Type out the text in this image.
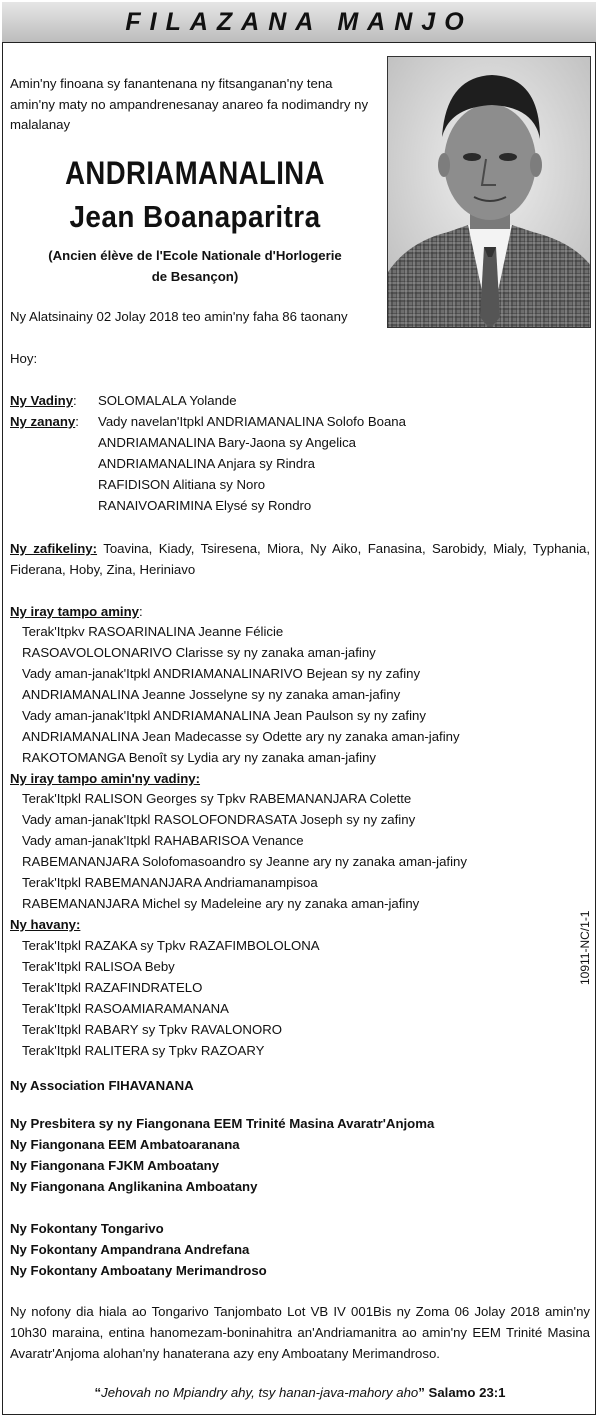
FILAZANA MANJO
Amin'ny finoana sy fanantenana ny fitsanganan'ny tena amin'ny maty no ampandrenesanay anareo fa nodimandry ny malalanay
ANDRIAMANALINA
Jean Boanaparitra
(Ancien élève de l'Ecole Nationale d'Horlogerie
de Besançon)
Ny Alatsinainy 02 Jolay 2018 teo amin'ny faha 86 taonany
Hoy:
Ny Vadiny: SOLOMALALA Yolande
Ny zanany: Vady navelan'Itpkl ANDRIAMANALINA Solofo Boana
ANDRIAMANALINA Bary-Jaona sy Angelica
ANDRIAMANALINA Anjara sy Rindra
RAFIDISON Alitiana sy Noro
RANAIVOARIMINA Elysé sy Rondro
Ny zafikeliny: Toavina, Kiady, Tsiresena, Miora, Ny Aiko, Fanasina, Sarobidy, Mialy, Typhania, Fiderana, Hoby, Zina, Heriniavo
Ny iray tampo aminy:
Terak'Itpkv RASOARINALINA Jeanne Félicie
RASOAVOLOLONARIVO Clarisse sy ny zanaka aman-jafiny
Vady aman-janak'Itpkl ANDRIAMANALINARIVO Bejean sy ny zafiny
ANDRIAMANALINA Jeanne Josselyne sy ny zanaka aman-jafiny
Vady aman-janak'Itpkl ANDRIAMANALINA Jean Paulson sy ny zafiny
ANDRIAMANALINA Jean Madecasse sy Odette ary ny zanaka aman-jafiny
RAKOTOMANGA Benoît sy Lydia ary ny zanaka aman-jafiny
Ny iray tampo amin'ny vadiny:
Terak'Itpkl RALISON Georges sy Tpkv RABEMANANJARA Colette
Vady aman-janak'Itpkl RASOLOFONDRASATA Joseph sy ny zafiny
Vady aman-janak'Itpkl RAHABARISOA Venance
RABEMANANJARA Solofomasoandro sy Jeanne ary ny zanaka aman-jafiny
Terak'Itpkl RABEMANANJARA Andriamanampisoa
RABEMANANJARA Michel sy Madeleine ary ny zanaka aman-jafiny
Ny havany:
Terak'Itpkl RAZAKA sy Tpkv RAZAFIMBOLOLONA
Terak'Itpkl RALISOA Beby
Terak'Itpkl RAZAFINDRATELO
Terak'Itpkl RASOAMIARAMANANA
Terak'Itpkl RABARY sy Tpkv RAVALONORO
Terak'Itpkl RALITERA sy Tpkv RAZOARY
10911-NC/1-1
Ny Association FIHAVANANA
Ny Presbitera sy ny Fiangonana EEM Trinité Masina Avaratr'Anjoma
Ny Fiangonana EEM Ambatoaranana
Ny Fiangonana FJKM Amboatany
Ny Fiangonana Anglikanina Amboatany
Ny Fokontany Tongarivo
Ny Fokontany Ampandrana Andrefana
Ny Fokontany Amboatany Merimandroso
Ny nofony dia hiala ao Tongarivo Tanjombato Lot VB IV 001Bis ny Zoma 06 Jolay 2018 amin'ny 10h30 maraina, entina hanomezam-boninahitra an'Andriamanitra ao amin'ny EEM Trinité Masina Avaratr'Anjoma alohan'ny hanaterana azy eny Amboatany Merimandroso.
“Jehovah no Mpiandry ahy, tsy hanan-java-mahory aho” Salamo 23:1
